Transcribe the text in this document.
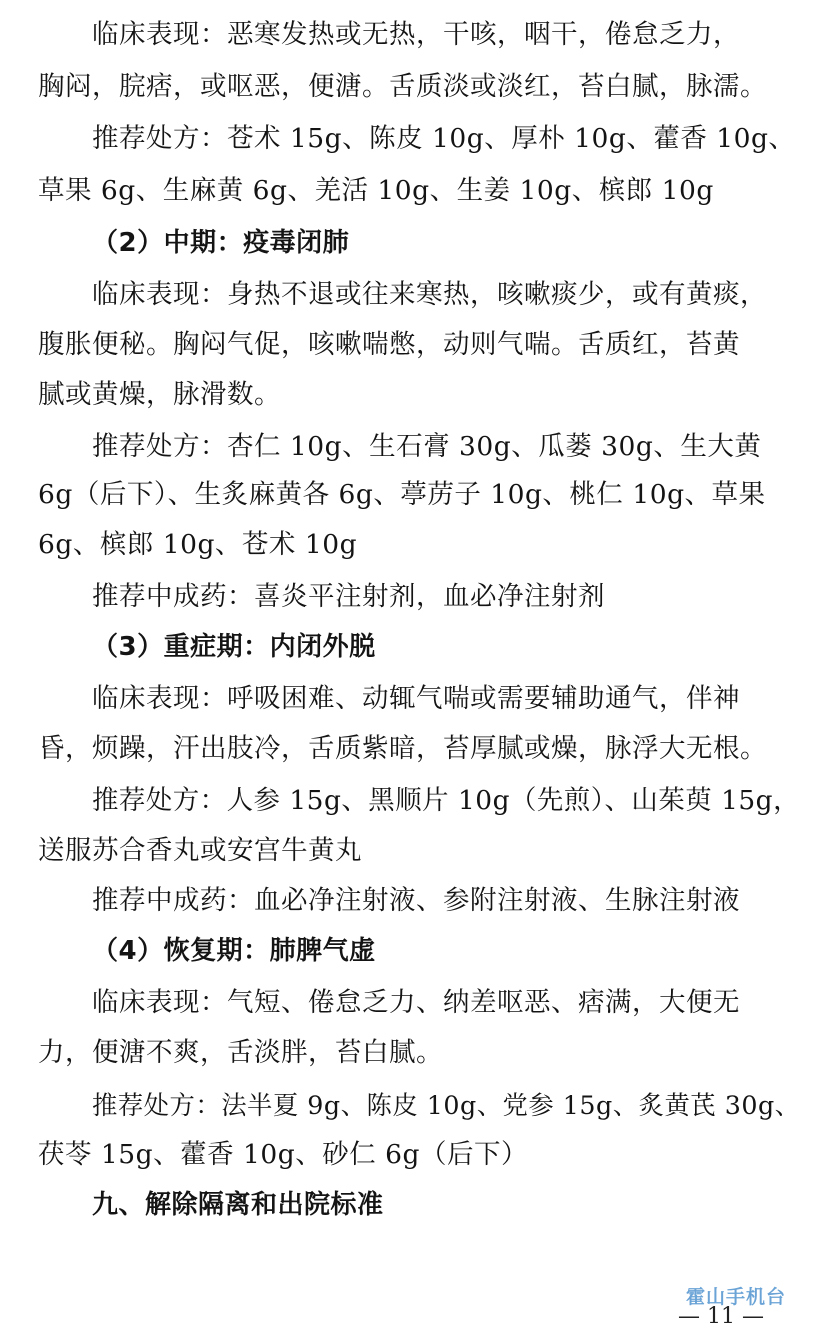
临床表现：恶寒发热或无热，干咳，咽干，倦怠乏力，
胸闷，脘痞，或呕恶，便溏。舌质淡或淡红，苔白腻，脉濡。
推荐处方：苍术 15g、陈皮 10g、厚朴 10g、藿香 10g、
草果 6g、生麻黄 6g、羌活 10g、生姜 10g、槟郎 10g
（2）中期：疫毒闭肺
临床表现：身热不退或往来寒热，咳嗽痰少，或有黄痰，
腹胀便秘。胸闷气促，咳嗽喘憋，动则气喘。舌质红，苔黄
腻或黄燥，脉滑数。
推荐处方：杏仁 10g、生石膏 30g、瓜蒌 30g、生大黄
6g（后下）、生炙麻黄各 6g、葶苈子 10g、桃仁 10g、草果
6g、槟郎 10g、苍术 10g
推荐中成药：喜炎平注射剂，血必净注射剂
（3）重症期：内闭外脱
临床表现：呼吸困难、动辄气喘或需要辅助通气，伴神
昏，烦躁，汗出肢冷，舌质紫暗，苔厚腻或燥，脉浮大无根。
推荐处方：人参 15g、黑顺片 10g（先煎）、山茱萸 15g，
送服苏合香丸或安宫牛黄丸
推荐中成药：血必净注射液、参附注射液、生脉注射液
（4）恢复期：肺脾气虚
临床表现：气短、倦怠乏力、纳差呕恶、痞满，大便无
力，便溏不爽，舌淡胖，苔白腻。
推荐处方：法半夏 9g、陈皮 10g、党参 15g、炙黄芪 30g、
茯苓 15g、藿香 10g、砂仁 6g（后下）
九、解除隔离和出院标准
霍山手机台
— 11 —
